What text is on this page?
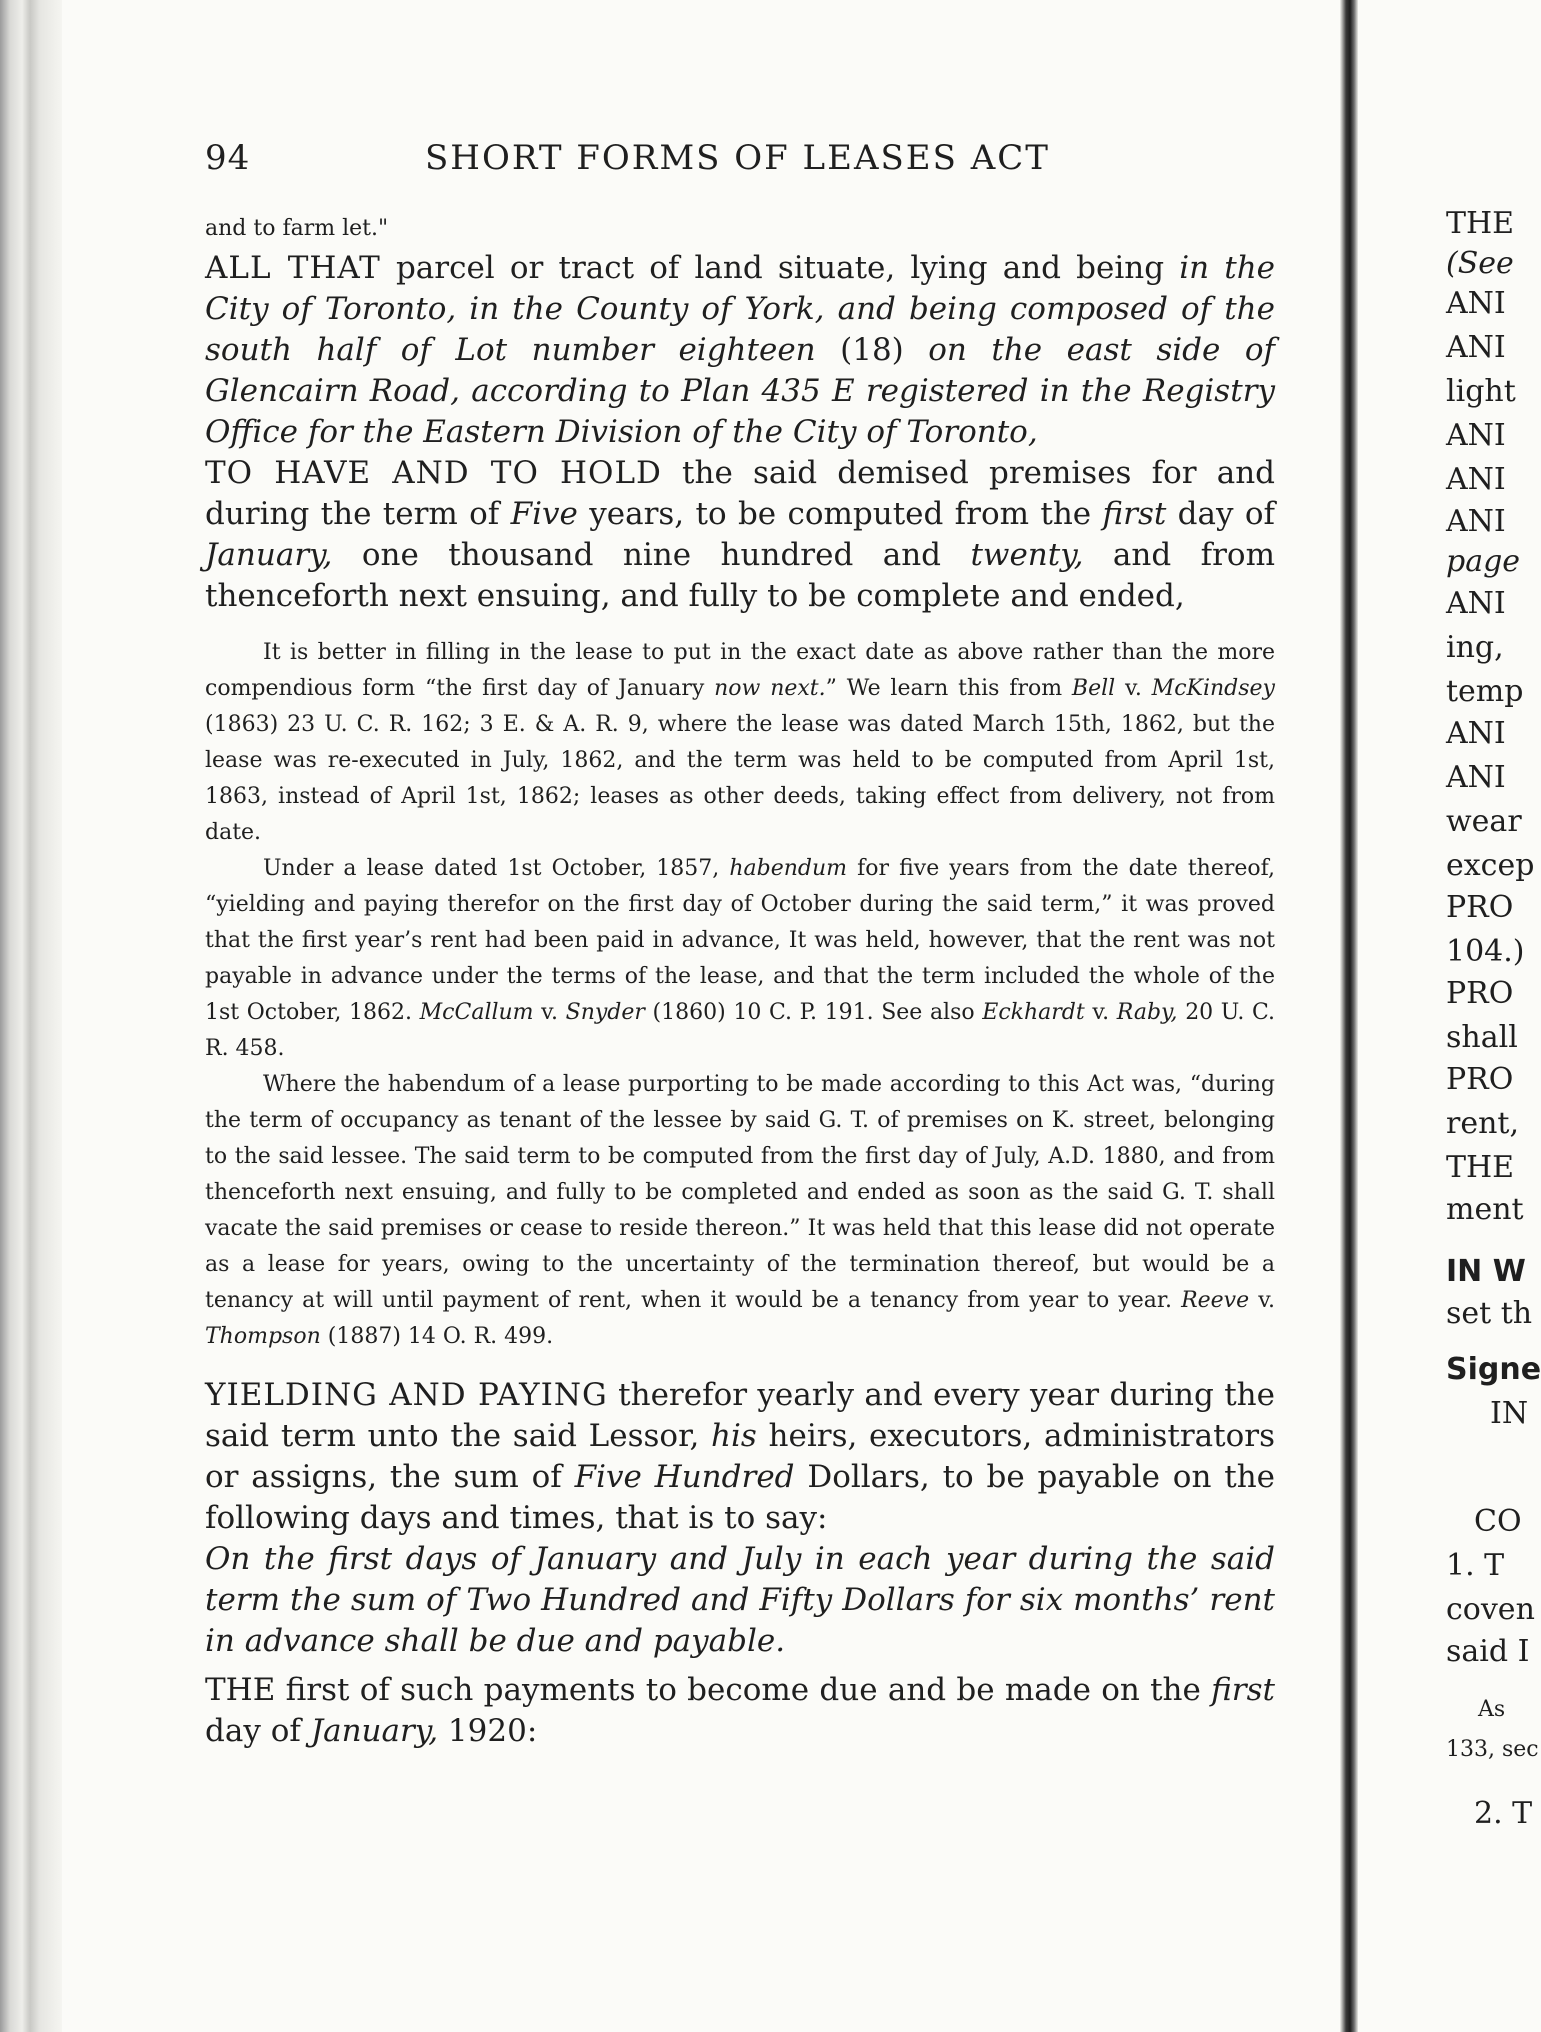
94	SHORT FORMS OF LEASES ACT

and to farm let."

ALL THAT parcel or tract of land situate, lying and being in the City of Toronto, in the County of York, and being composed of the south half of Lot number eighteen (18) on the east side of Glencairn Road, according to Plan 435 E registered in the Registry Office for the Eastern Division of the City of Toronto,

TO HAVE AND TO HOLD the said demised premises for and during the term of Five years, to be computed from the first day of January, one thousand nine hundred and twenty, and from thenceforth next ensuing, and fully to be complete and ended,

It is better in filling in the lease to put in the exact date as above rather than the more compendious form “the first day of January now next.” We learn this from Bell v. McKindsey (1863) 23 U. C. R. 162; 3 E. & A. R. 9, where the lease was dated March 15th, 1862, but the lease was re-executed in July, 1862, and the term was held to be computed from April 1st, 1863, instead of April 1st, 1862; leases as other deeds, taking effect from delivery, not from date.

Under a lease dated 1st October, 1857, habendum for five years from the date thereof, “yielding and paying therefor on the first day of October during the said term,” it was proved that the first year’s rent had been paid in advance, It was held, however, that the rent was not payable in advance under the terms of the lease, and that the term included the whole of the 1st October, 1862. McCallum v. Snyder (1860) 10 C. P. 191. See also Eckhardt v. Raby, 20 U. C. R. 458.

Where the habendum of a lease purporting to be made according to this Act was, “during the term of occupancy as tenant of the lessee by said G. T. of premises on K. street, belonging to the said lessee. The said term to be computed from the first day of July, A.D. 1880, and from thenceforth next ensuing, and fully to be completed and ended as soon as the said G. T. shall vacate the said premises or cease to reside thereon.” It was held that this lease did not operate as a lease for years, owing to the uncertainty of the termination thereof, but would be a tenancy at will until payment of rent, when it would be a tenancy from year to year. Reeve v. Thompson (1887) 14 O. R. 499.

YIELDING AND PAYING therefor yearly and every year during the said term unto the said Lessor, his heirs, executors, administrators or assigns, the sum of Five Hundred Dollars, to be payable on the following days and times, that is to say:

On the first days of January and July in each year during the said term the sum of Two Hundred and Fifty Dollars for six months’ rent in advance shall be due and payable.

THE first of such payments to become due and be made on the first day of January, 1920:

THE
(See
ANI
ANI
light
ANI
ANI
ANI
page
ANI
ing,
temp
ANI
ANI
wear
excep
PRO
104.)
PRO
shall
PRO
rent,
THE
ment
IN W
set th
Signe
IN
CO
1. T
coven
said I
As
133, sec
2. T
